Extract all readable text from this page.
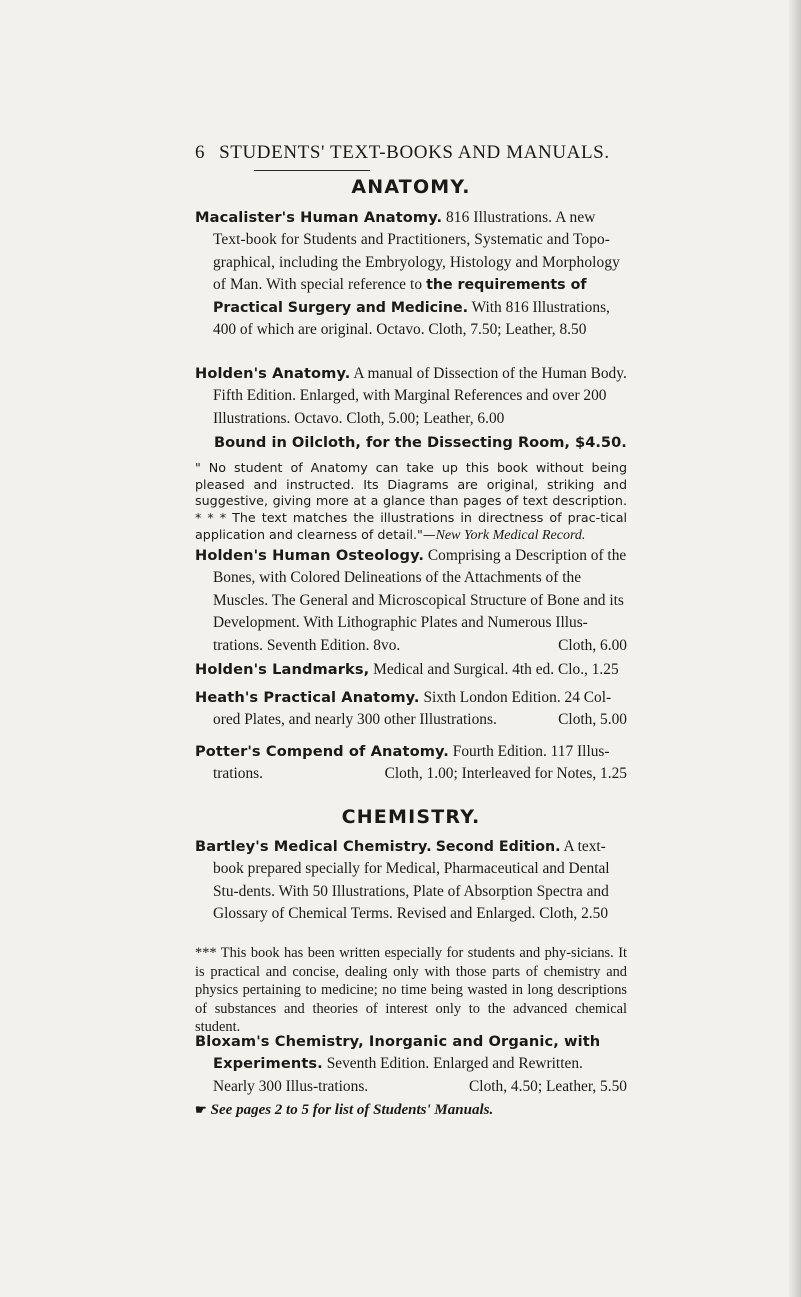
6 STUDENTS' TEXT-BOOKS AND MANUALS.
ANATOMY.

Macalister's Human Anatomy. 816 Illustrations. A new Text-book for Students and Practitioners, Systematic and Topo-graphical, including the Embryology, Histology and Morphology of Man. With special reference to the requirements of Practical Surgery and Medicine. With 816 Illustrations, 400 of which are original. Octavo. Cloth, 7.50; Leather, 8.50

Holden's Anatomy. A manual of Dissection of the Human Body. Fifth Edition. Enlarged, with Marginal References and over 200 Illustrations. Octavo. Cloth, 5.00; Leather, 6.00

Bound in Oilcloth, for the Dissecting Room, $4.50.

" No student of Anatomy can take up this book without being pleased and instructed. Its Diagrams are original, striking and suggestive, giving more at a glance than pages of text description. * * * The text matches the illustrations in directness of prac-tical application and clearness of detail."—New York Medical Record.

Holden's Human Osteology. Comprising a Description of the Bones, with Colored Delineations of the Attachments of the Muscles. The General and Microscopical Structure of Bone and its Development. With Lithographic Plates and Numerous Illus-trations. Seventh Edition. 8vo.	Cloth, 6.00

Holden's Landmarks, Medical and Surgical. 4th ed. Clo., 1.25

Heath's Practical Anatomy. Sixth London Edition. 24 Col-ored Plates, and nearly 300 other Illustrations.	Cloth, 5.00

Potter's Compend of Anatomy. Fourth Edition. 117 Illus-trations.	Cloth, 1.00; Interleaved for Notes, 1.25

CHEMISTRY.

Bartley's Medical Chemistry. Second Edition. A text-book prepared specially for Medical, Pharmaceutical and Dental Stu-dents. With 50 Illustrations, Plate of Absorption Spectra and Glossary of Chemical Terms. Revised and Enlarged. Cloth, 2.50

*** This book has been written especially for students and phy-sicians. It is practical and concise, dealing only with those parts of chemistry and physics pertaining to medicine; no time being wasted in long descriptions of substances and theories of interest only to the advanced chemical student.

Bloxam's Chemistry, Inorganic and Organic, with Experiments. Seventh Edition. Enlarged and Rewritten. Nearly 300 Illus-trations.	Cloth, 4.50; Leather, 5.50

☛ See pages 2 to 5 for list of Students' Manuals.
